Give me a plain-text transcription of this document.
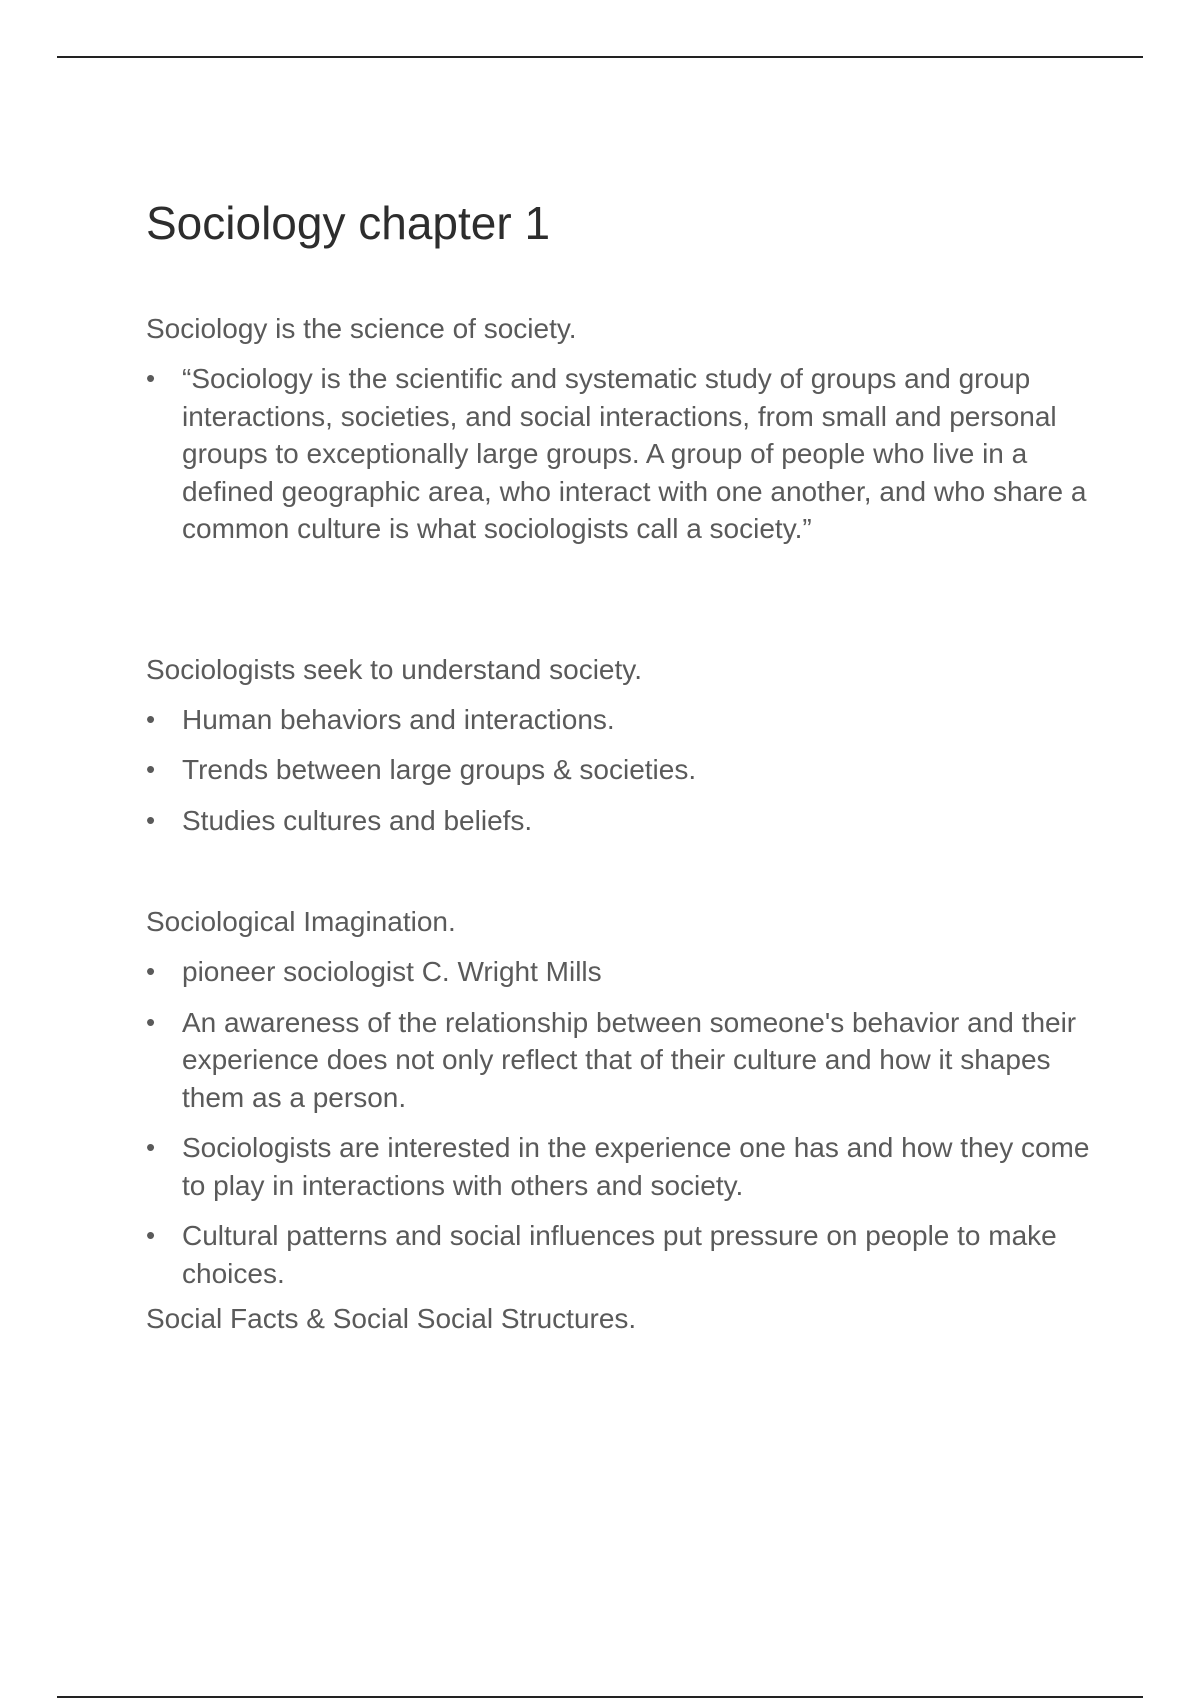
Sociology chapter 1

Sociology is the science of society.

• “Sociology is the scientific and systematic study of groups and group interactions, societies, and social interactions, from small and personal groups to exceptionally large groups. A group of people who live in a defined geographic area, who interact with one another, and who share a common culture is what sociologists call a society.”

Sociologists seek to understand society.

• Human behaviors and interactions.
• Trends between large groups & societies.
• Studies cultures and beliefs.

Sociological Imagination.

• pioneer sociologist C. Wright Mills
• An awareness of the relationship between someone's behavior and their experience does not only reflect that of their culture and how it shapes them as a person.
• Sociologists are interested in the experience one has and how they come to play in interactions with others and society.
• Cultural patterns and social influences put pressure on people to make choices.

Social Facts & Social Social Structures.
